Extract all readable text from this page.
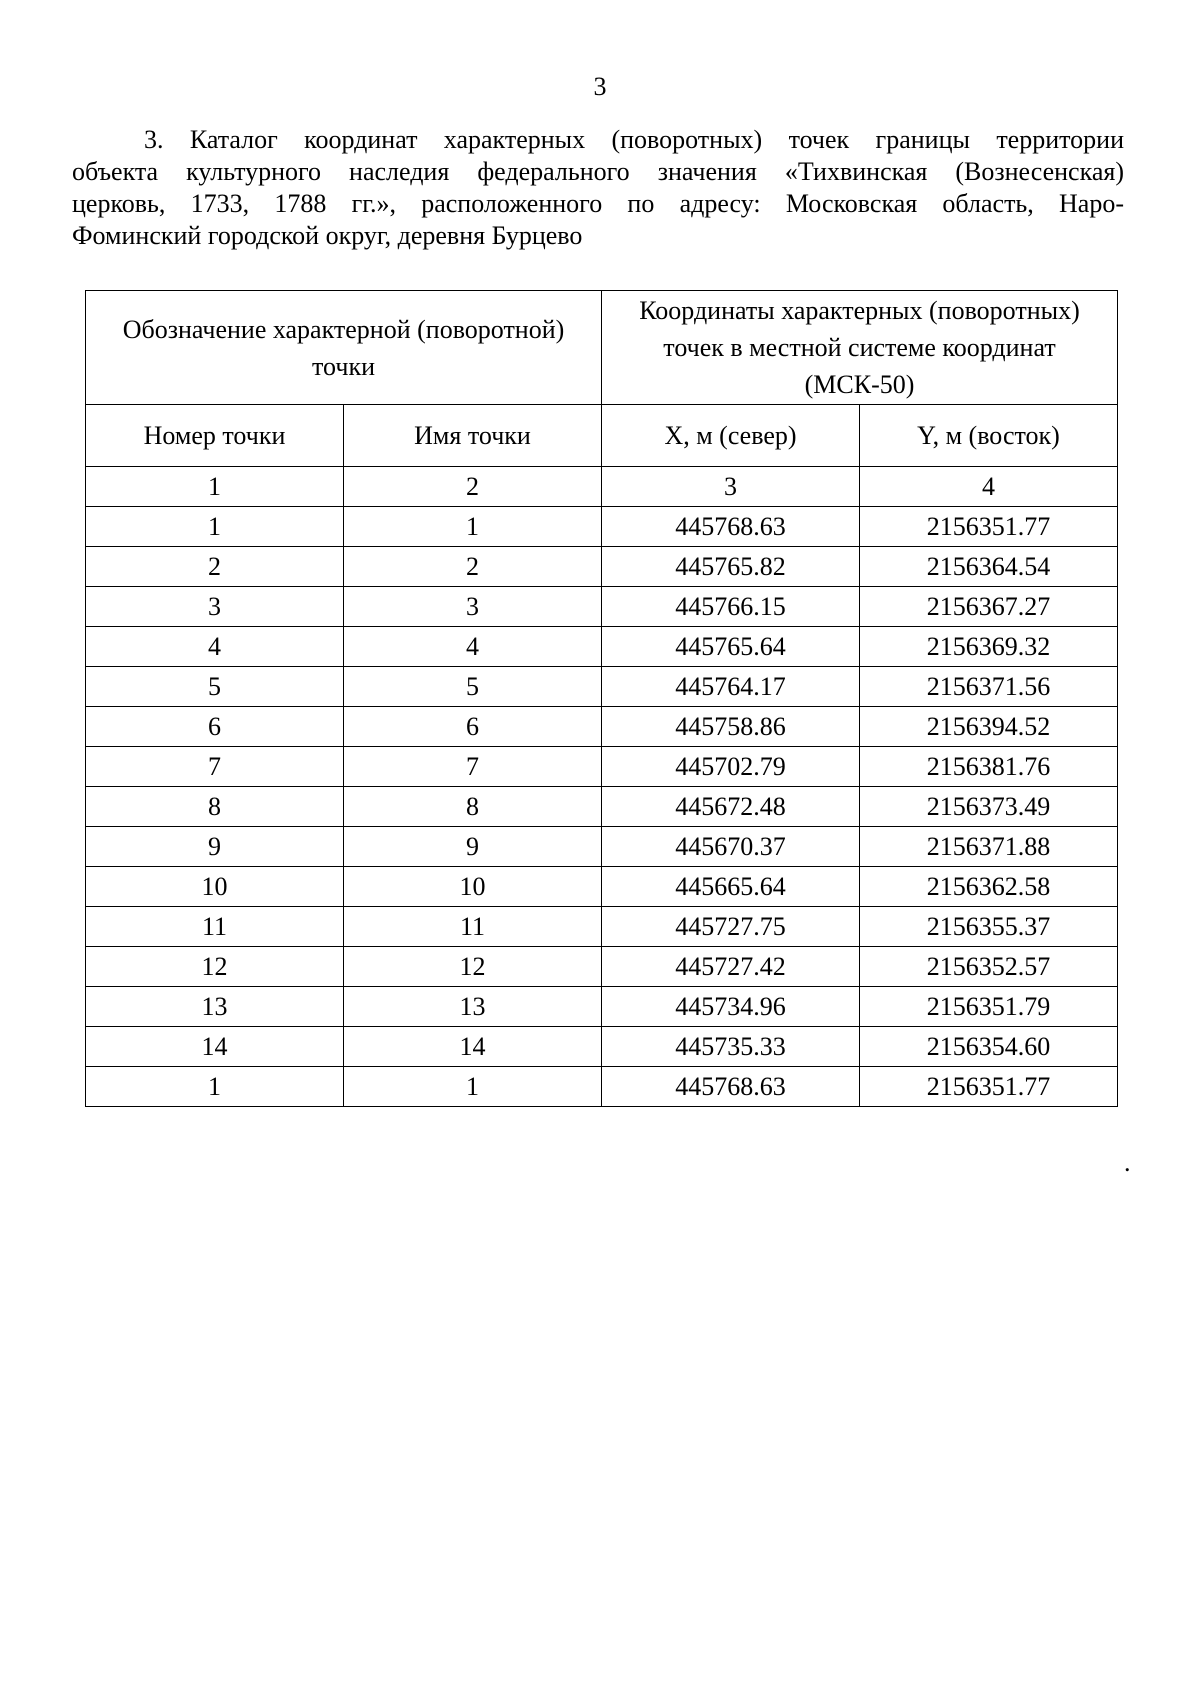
3
3. Каталог координат характерных (поворотных) точек границы территории
объекта культурного наследия федерального значения «Тихвинская (Вознесенская)
церковь, 1733, 1788 гг.», расположенного по адресу: Московская область, Наро-
Фоминский городской округ, деревня Бурцево
Обозначение характерной (поворотной) точки		Координаты характерных (поворотных) точек в местной системе координат (МСК-50)	
Номер точки	Имя точки	X, м (север)	Y, м (восток)
1	2	3	4
1	1	445768.63	2156351.77
2	2	445765.82	2156364.54
3	3	445766.15	2156367.27
4	4	445765.64	2156369.32
5	5	445764.17	2156371.56
6	6	445758.86	2156394.52
7	7	445702.79	2156381.76
8	8	445672.48	2156373.49
9	9	445670.37	2156371.88
10	10	445665.64	2156362.58
11	11	445727.75	2156355.37
12	12	445727.42	2156352.57
13	13	445734.96	2156351.79
14	14	445735.33	2156354.60
1	1	445768.63	2156351.77
.
